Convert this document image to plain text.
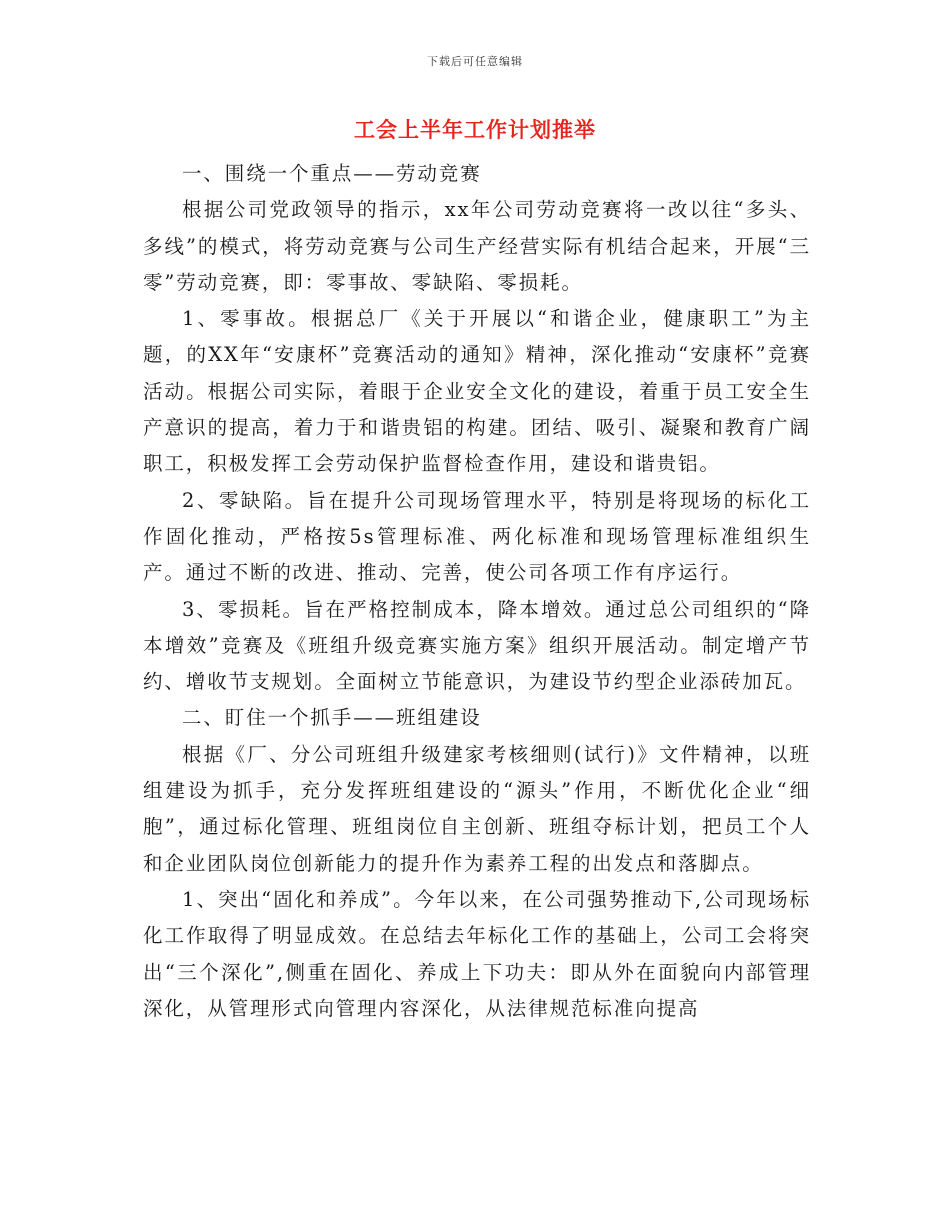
下载后可任意编辑
工会上半年工作计划推举

一、围绕一个重点——劳动竞赛

根据公司党政领导的指示，xx年公司劳动竞赛将一改以往“多头、多线”的模式，将劳动竞赛与公司生产经营实际有机结合起来，开展“三零”劳动竞赛，即：零事故、零缺陷、零损耗。

1、零事故。根据总厂《关于开展以“和谐企业，健康职工”为主题，的XX年“安康杯”竞赛活动的通知》精神，深化推动“安康杯”竞赛活动。根据公司实际，着眼于企业安全文化的建设，着重于员工安全生产意识的提高，着力于和谐贵铝的构建。团结、吸引、凝聚和教育广阔职工，积极发挥工会劳动保护监督检查作用，建设和谐贵铝。

2、零缺陷。旨在提升公司现场管理水平，特别是将现场的标化工作固化推动，严格按5s管理标准、两化标准和现场管理标准组织生产。通过不断的改进、推动、完善，使公司各项工作有序运行。

3、零损耗。旨在严格控制成本，降本增效。通过总公司组织的“降本增效”竞赛及《班组升级竞赛实施方案》组织开展活动。制定增产节约、增收节支规划。全面树立节能意识，为建设节约型企业添砖加瓦。

二、盯住一个抓手——班组建设

根据《厂、分公司班组升级建家考核细则(试行)》文件精神，以班组建设为抓手，充分发挥班组建设的“源头”作用，不断优化企业“细胞”，通过标化管理、班组岗位自主创新、班组夺标计划，把员工个人和企业团队岗位创新能力的提升作为素养工程的出发点和落脚点。

1、突出“固化和养成”。今年以来，在公司强势推动下,公司现场标化工作取得了明显成效。在总结去年标化工作的基础上，公司工会将突出“三个深化”,侧重在固化、养成上下功夫：即从外在面貌向内部管理深化，从管理形式向管理内容深化，从法律规范标准向提高
